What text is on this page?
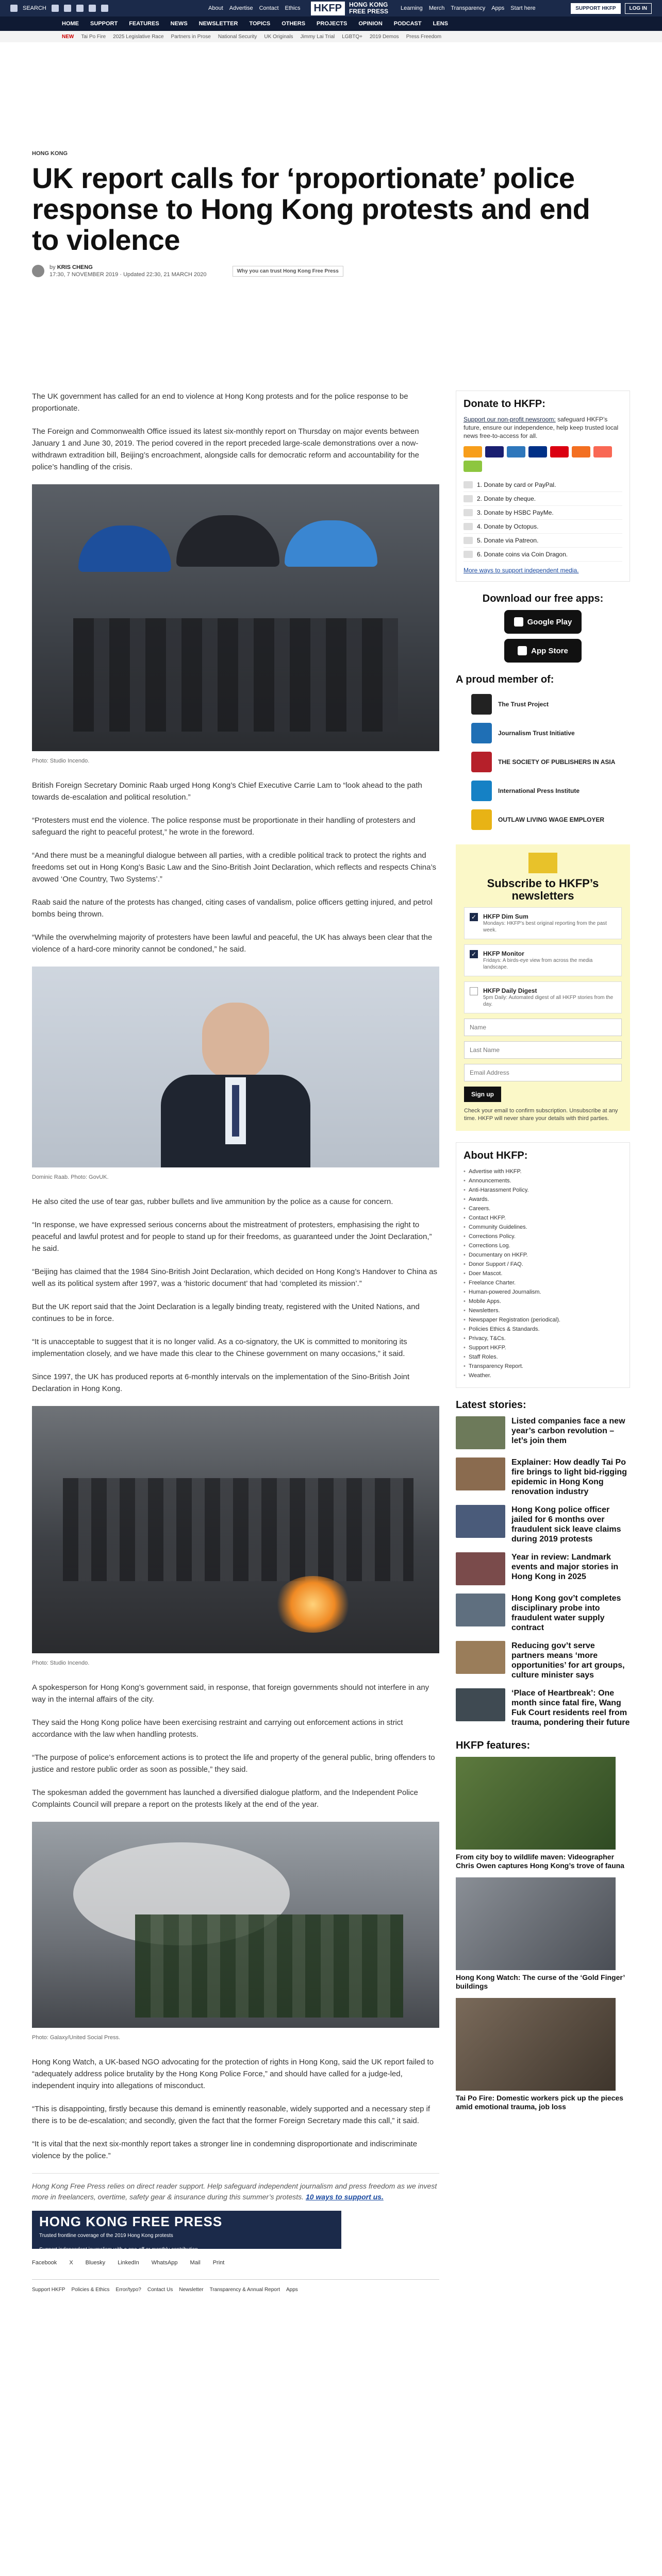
SEARCH	About Advertise Contact Ethics	HKFP	HONG KONG
FREE PRESS Learning Merch Transparency Apps Start here	SUPPORT HKFP	LOG IN
HOME SUPPORT FEATURES NEWS NEWSLETTER TOPICS OTHERS PROJECTS OPINION PODCAST LENS
NEW Tai Po Fire 2025 Legislative Race Partners in Prose National Security UK Originals Jimmy Lai Trial LGBTQ+ 2019 Demos Press Freedom
HONG KONG
UK report calls for ‘proportionate’ police response to Hong Kong protests and end to violence
by KRIS CHENG
17:30, 7 NOVEMBER 2019 · Updated 22:30, 21 MARCH 2020
Why you can trust Hong Kong Free Press

The UK government has called for an end to violence at Hong Kong protests and for the police response to be proportionate.

The Foreign and Commonwealth Office issued its latest six-monthly report on Thursday on major events between January 1 and June 30, 2019. The period covered in the report preceded large-scale demonstrations over a now-withdrawn extradition bill, Beijing’s encroachment, alongside calls for democratic reform and accountability for the police’s handling of the crisis.

Photo: Studio Incendo.

British Foreign Secretary Dominic Raab urged Hong Kong’s Chief Executive Carrie Lam to “look ahead to the path towards de-escalation and political resolution.”

“Protesters must end the violence. The police response must be proportionate in their handling of protesters and safeguard the right to peaceful protest,” he wrote in the foreword.

“And there must be a meaningful dialogue between all parties, with a credible political track to protect the rights and freedoms set out in Hong Kong’s Basic Law and the Sino-British Joint Declaration, which reflects and respects China’s avowed ‘One Country, Two Systems’.”

Raab said the nature of the protests has changed, citing cases of vandalism, police officers getting injured, and petrol bombs being thrown.

“While the overwhelming majority of protesters have been lawful and peaceful, the UK has always been clear that the violence of a hard-core minority cannot be condoned,” he said.

Dominic Raab. Photo: GovUK.

He also cited the use of tear gas, rubber bullets and live ammunition by the police as a cause for concern.

“In response, we have expressed serious concerns about the mistreatment of protesters, emphasising the right to peaceful and lawful protest and for people to stand up for their freedoms, as guaranteed under the Joint Declaration,” he said.

“Beijing has claimed that the 1984 Sino-British Joint Declaration, which decided on Hong Kong’s Handover to China as well as its political system after 1997, was a ‘historic document’ that had ‘completed its mission’.”

But the UK report said that the Joint Declaration is a legally binding treaty, registered with the United Nations, and continues to be in force.

“It is unacceptable to suggest that it is no longer valid. As a co-signatory, the UK is committed to monitoring its implementation closely, and we have made this clear to the Chinese government on many occasions,” it said.

Since 1997, the UK has produced reports at 6-monthly intervals on the implementation of the Sino-British Joint Declaration in Hong Kong.

Photo: Studio Incendo.

A spokesperson for Hong Kong’s government said, in response, that foreign governments should not interfere in any way in the internal affairs of the city.

They said the Hong Kong police have been exercising restraint and carrying out enforcement actions in strict accordance with the law when handling protests.

“The purpose of police’s enforcement actions is to protect the life and property of the general public, bring offenders to justice and restore public order as soon as possible,” they said.

The spokesman added the government has launched a diversified dialogue platform, and the Independent Police Complaints Council will prepare a report on the protests likely at the end of the year.

Photo: Galaxy/United Social Press.

Hong Kong Watch, a UK-based NGO advocating for the protection of rights in Hong Kong, said the UK report failed to “adequately address police brutality by the Hong Kong Police Force,” and should have called for a judge-led, independent inquiry into allegations of misconduct.

“This is disappointing, firstly because this demand is eminently reasonable, widely supported and a necessary step if there is to be de-escalation; and secondly, given the fact that the former Foreign Secretary made this call,” it said.

“It is vital that the next six-monthly report takes a stronger line in condemning disproportionate and indiscriminate violence by the police.”

Hong Kong Free Press relies on direct reader support. Help safeguard independent journalism and press freedom as we invest more in freelancers, overtime, safety gear & insurance during this summer’s protests. 10 ways to support us.
HONG KONG FREE PRESS
Trusted frontline coverage of the 2019 Hong Kong protests
Support independent journalism with a one-off or monthly contribution
Facebook X Bluesky LinkedIn WhatsApp Mail Print
Support HKFP Policies & Ethics Error/typo? Contact Us Newsletter Transparency & Annual Report Apps
Donate to HKFP:

Support our non-profit newsroom: safeguard HKFP’s future, ensure our independence, help keep trusted local news free-to-access for all.

1. Donate by card or PayPal.
2. Donate by cheque.
3. Donate by HSBC PayMe.
4. Donate by Octopus.
5. Donate via Patreon.
6. Donate coins via Coin Dragon.
More ways to support independent media.
Download our free apps:
Google Play
App Store
A proud member of:
The Trust Project
Journalism Trust Initiative
THE SOCIETY OF PUBLISHERS IN ASIA
International Press Institute
OUTLAW LIVING WAGE EMPLOYER
Subscribe to HKFP’s newsletters
✓ HKFP Dim Sum
Mondays: HKFP’s best original reporting from the past week.
✓ HKFP Monitor
Fridays: A birds-eye view from across the media landscape.
HKFP Daily Digest
5pm Daily: Automated digest of all HKFP stories from the day.
Name
Last Name
Email Address Sign up
Check your email to confirm subscription. Unsubscribe at any time. HKFP will never share your details with third parties.
About HKFP:
• Advertise with HKFP.
• Announcements.
• Anti-Harassment Policy.
• Awards.
• Careers.
• Contact HKFP.
• Community Guidelines.
• Corrections Policy.
• Corrections Log.
• Documentary on HKFP.
• Donor Support / FAQ.
• Doer Mascot.
• Freelance Charter.
• Human-powered Journalism.
• Mobile Apps.
• Newsletters.
• Newspaper Registration (periodical).
• Policies Ethics & Standards.
• Privacy, T&Cs.
• Support HKFP.
• Staff Roles.
• Transparency Report.
• Weather.
Latest stories:
Listed companies face a new year’s carbon revolution – let’s join them
Explainer: How deadly Tai Po fire brings to light bid-rigging epidemic in Hong Kong renovation industry
Hong Kong police officer jailed for 6 months over fraudulent sick leave claims during 2019 protests
Year in review: Landmark events and major stories in Hong Kong in 2025
Hong Kong gov’t completes disciplinary probe into fraudulent water supply contract
Reducing gov’t serve partners means ‘more opportunities’ for art groups, culture minister says
‘Place of Heartbreak’: One month since fatal fire, Wang Fuk Court residents reel from trauma, pondering their future
HKFP features:
From city boy to wildlife maven: Videographer Chris Owen captures Hong Kong’s trove of fauna
Hong Kong Watch: The curse of the ‘Gold Finger’ buildings
Tai Po Fire: Domestic workers pick up the pieces amid emotional trauma, job loss
